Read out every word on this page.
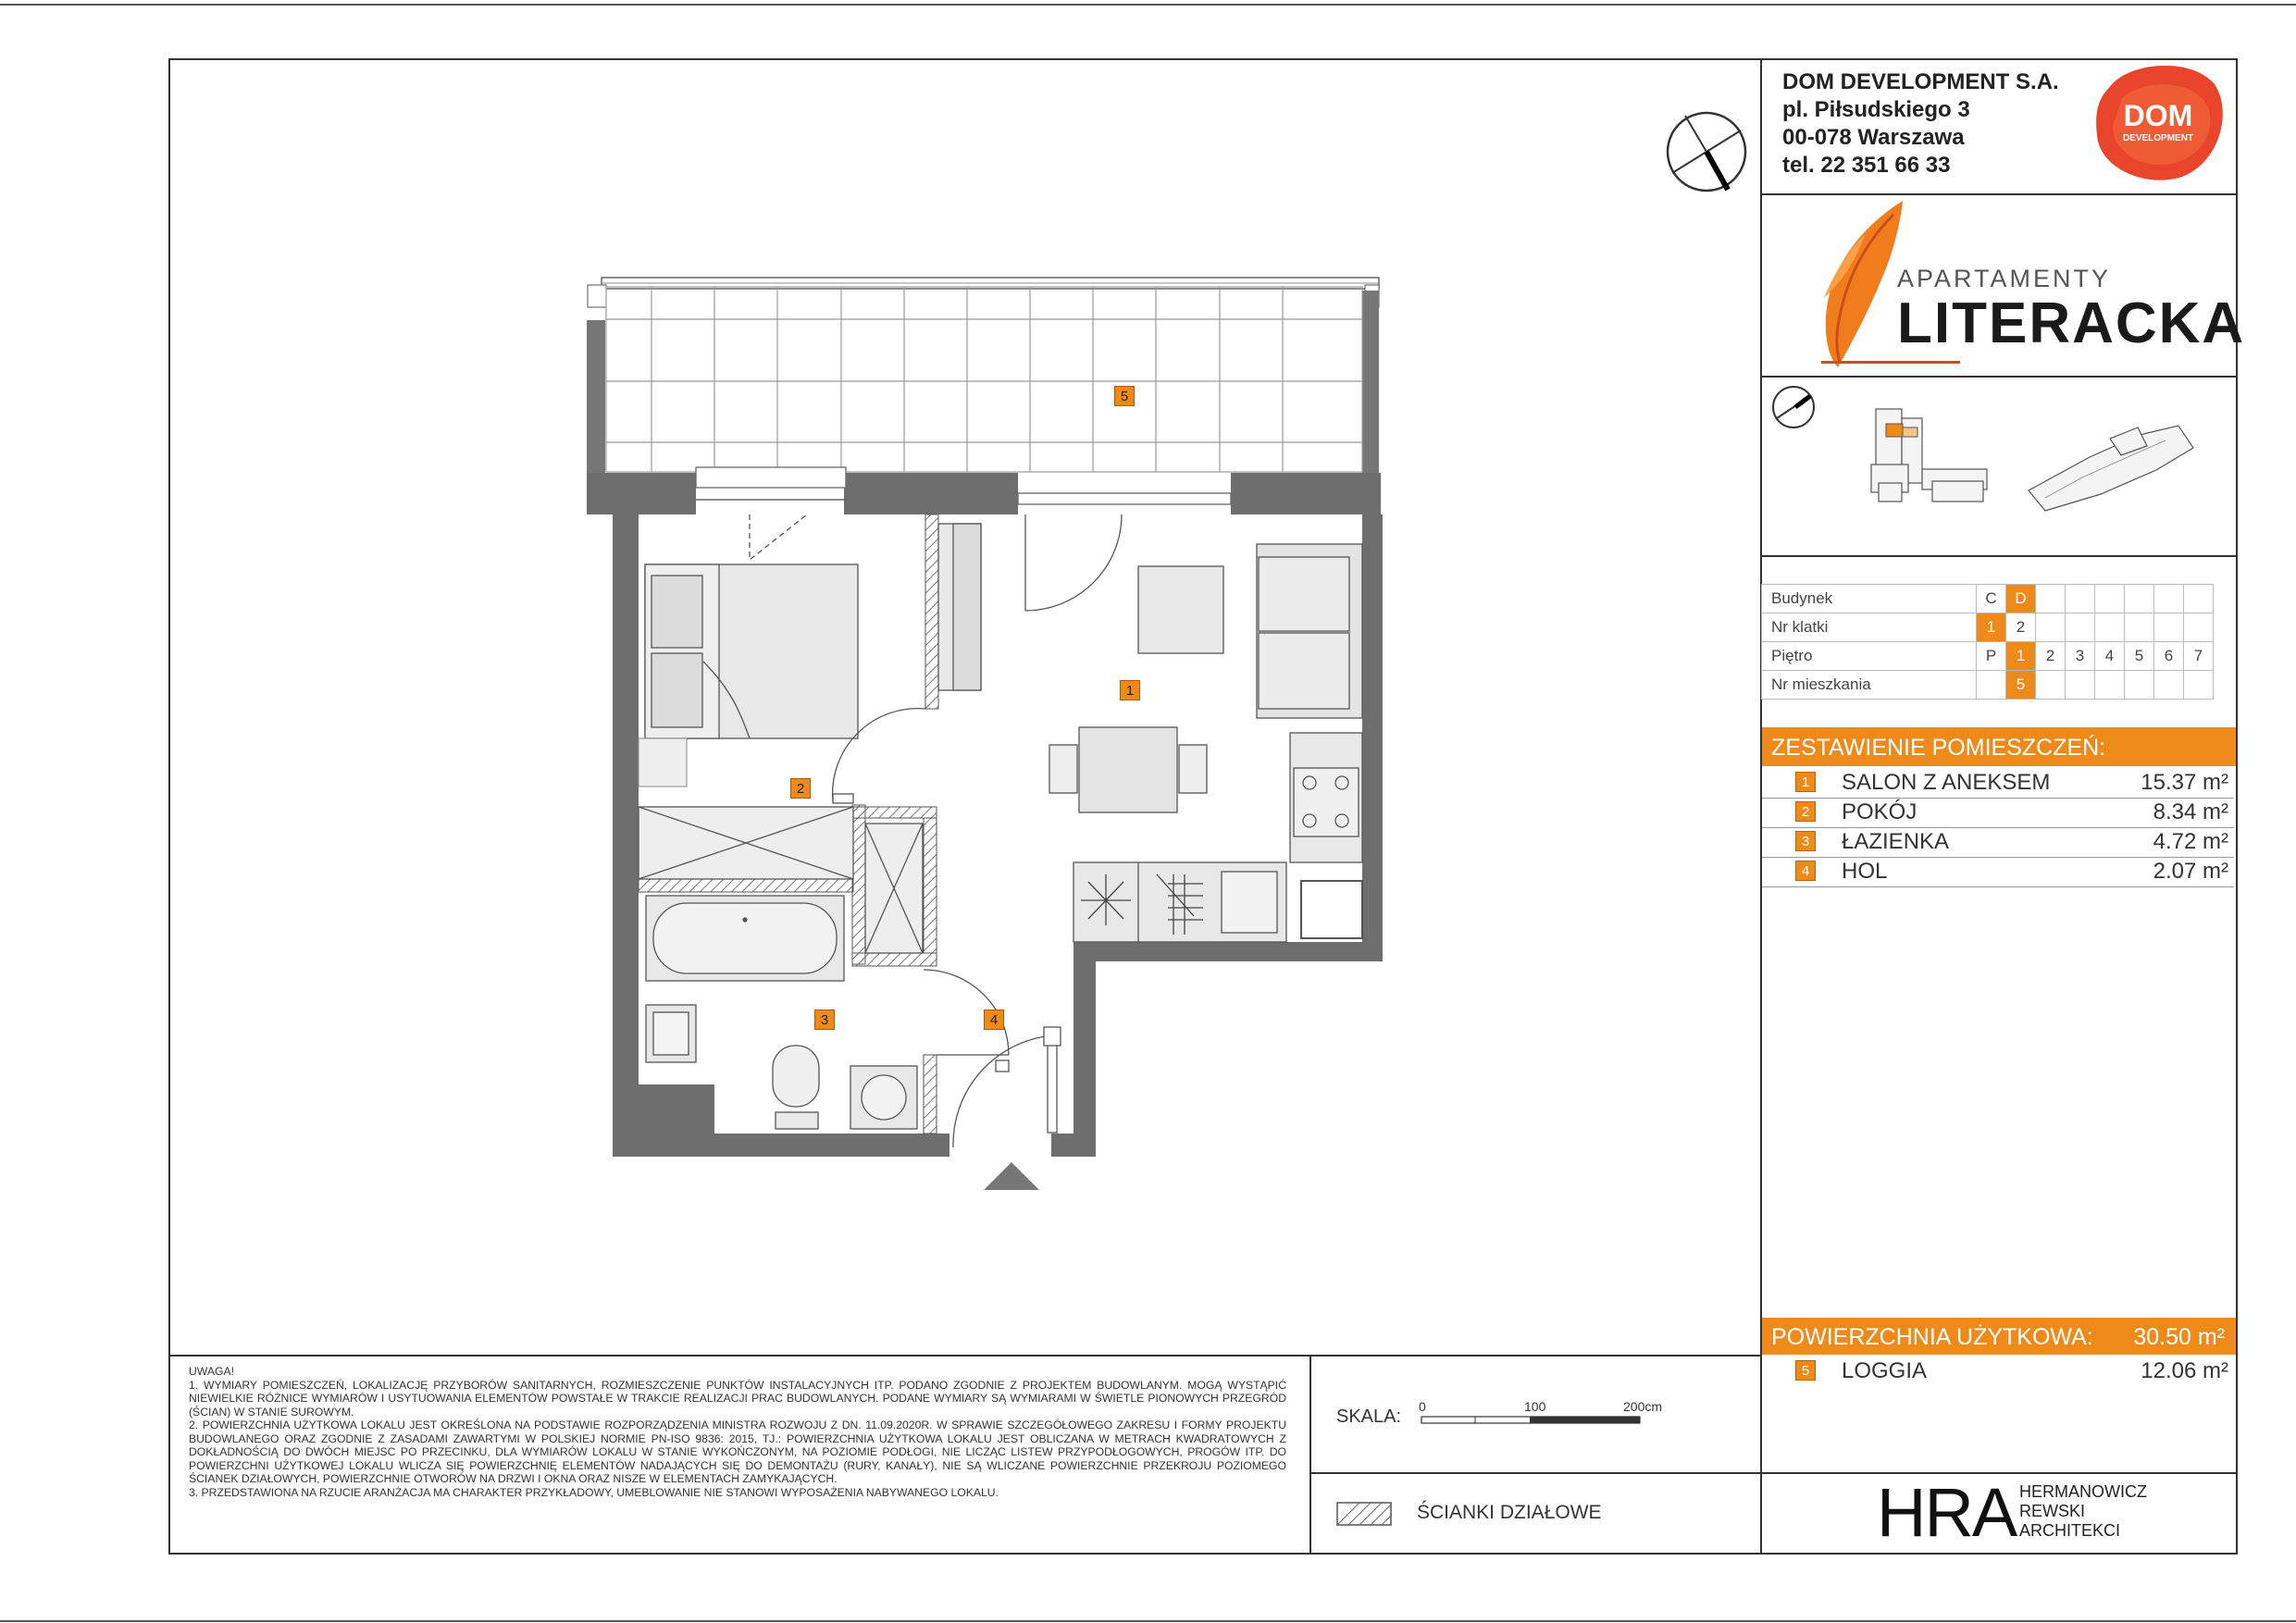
DOM DEVELOPMENT S.A.
pl. Piłsudskiego 3
00-078 Warszawa
tel. 22 351 66 33
DOM
DEVELOPMENT
APARTAMENTY
LITERACKA
Budynek	C	D						
Nr klatki	1	2						
Piętro	P	1	2	3	4	5	6	7
Nr mieszkania		5						
ZESTAWIENIE POMIESZCZEŃ:
1 SALON Z ANEKSEM	15.37 m²
2 POKÓJ	8.34 m²
3 ŁAZIENKA	4.72 m²
4 HOL	2.07 m²
POWIERZCHNIA UŻYTKOWA: 30.50 m²
5 LOGGIA	12.06 m²
HRA HERMANOWICZ
REWSKI
ARCHITEKCI
UWAGA!
1. WYMIARY POMIESZCZEŃ, LOKALIZACJĘ PRZYBORÓW SANITARNYCH, ROZMIESZCZENIE PUNKTÓW INSTALACYJNYCH ITP. PODANO ZGODNIE Z PROJEKTEM BUDOWLANYM. MOGĄ WYSTĄPIĆ NIEWIELKIE RÓŻNICE WYMIARÓW I USYTUOWANIA ELEMENTÓW POWSTAŁE W TRAKCIE REALIZACJI PRAC BUDOWLANYCH. PODANE WYMIARY SĄ WYMIARAMI W ŚWIETLE PIONOWYCH PRZEGRÓD (ŚCIAN) W STANIE SUROWYM.
2. POWIERZCHNIA UŻYTKOWA LOKALU JEST OKREŚLONA NA PODSTAWIE ROZPORZĄDZENIA MINISTRA ROZWOJU Z DN. 11.09.2020R. W SPRAWIE SZCZEGÓŁOWEGO ZAKRESU I FORMY PROJEKTU BUDOWLANEGO ORAZ ZGODNIE Z ZASADAMI ZAWARTYMI W POLSKIEJ NORMIE PN-ISO 9836: 2015, TJ.: POWIERZCHNIA UŻYTKOWA LOKALU JEST OBLICZANA W METRACH KWADRATOWYCH Z DOKŁADNOŚCIĄ DO DWÓCH MIEJSC PO PRZECINKU, DLA WYMIARÓW LOKALU W STANIE WYKOŃCZONYM, NA POZIOMIE PODŁOGI, NIE LICZĄC LISTEW PRZYPODŁOGOWYCH, PROGÓW ITP. DO POWIERZCHNI UŻYTKOWEJ LOKALU WLICZA SIĘ POWIERZCHNIĘ ELEMENTÓW NADAJĄCYCH SIĘ DO DEMONTAŻU (RURY, KANAŁY), NIE SĄ WLICZANE POWIERZCHNIE PRZEKROJU POZIOMEGO ŚCIANEK DZIAŁOWYCH, POWIERZCHNIE OTWORÓW NA DRZWI I OKNA ORAZ NISZE W ELEMENTACH ZAMYKAJĄCYCH.
3. PRZEDSTAWIONA NA RZUCIE ARANŻACJA MA CHARAKTER PRZYKŁADOWY, UMEBLOWANIE NIE STANOWI WYPOSAŻENIA NABYWANEGO LOKALU.
SKALA: 0	100	200cm
ŚCIANKI DZIAŁOWE
1
2
3	4
5
